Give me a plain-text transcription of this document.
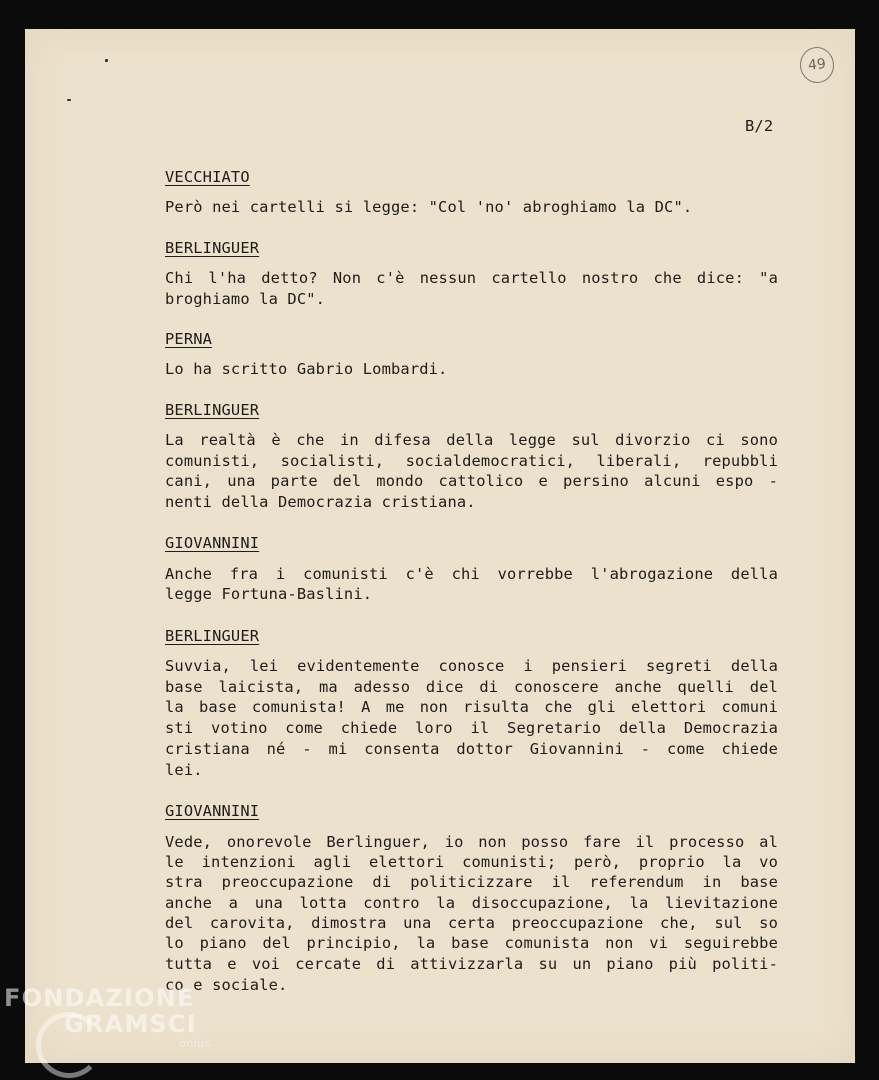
49
B/2
VECCHIATO
Però nei cartelli si legge: "Col 'no' abroghiamo la DC".
BERLINGUER
Chi l'ha detto? Non c'è nessun cartello nostro che dice: "a
broghiamo la DC".
PERNA
Lo ha scritto Gabrio Lombardi.
BERLINGUER
La realtà è che in difesa della legge sul divorzio ci sono
comunisti, socialisti, socialdemocratici, liberali, repubbli
cani, una parte del mondo cattolico e persino alcuni espo -
nenti della Democrazia cristiana.
GIOVANNINI
Anche fra i comunisti c'è chi vorrebbe l'abrogazione della
legge Fortuna-Baslini.
BERLINGUER
Suvvia, lei evidentemente conosce i pensieri segreti della
base laicista, ma adesso dice di conoscere anche quelli del
la base comunista! A me non risulta che gli elettori comuni
sti votino come chiede loro il Segretario della Democrazia
cristiana né - mi consenta dottor Giovannini - come chiede
lei.
GIOVANNINI
Vede, onorevole Berlinguer, io non posso fare il processo al
le intenzioni agli elettori comunisti; però, proprio la vo
stra preoccupazione di politicizzare il referendum in base
anche a una lotta contro la disoccupazione, la lievitazione
del carovita, dimostra una certa preoccupazione che, sul so
lo piano del principio, la base comunista non vi seguirebbe
tutta e voi cercate di attivizzarla su un piano più politi-
co e sociale.
FONDAZIONE
GRAMSCI
onlus
